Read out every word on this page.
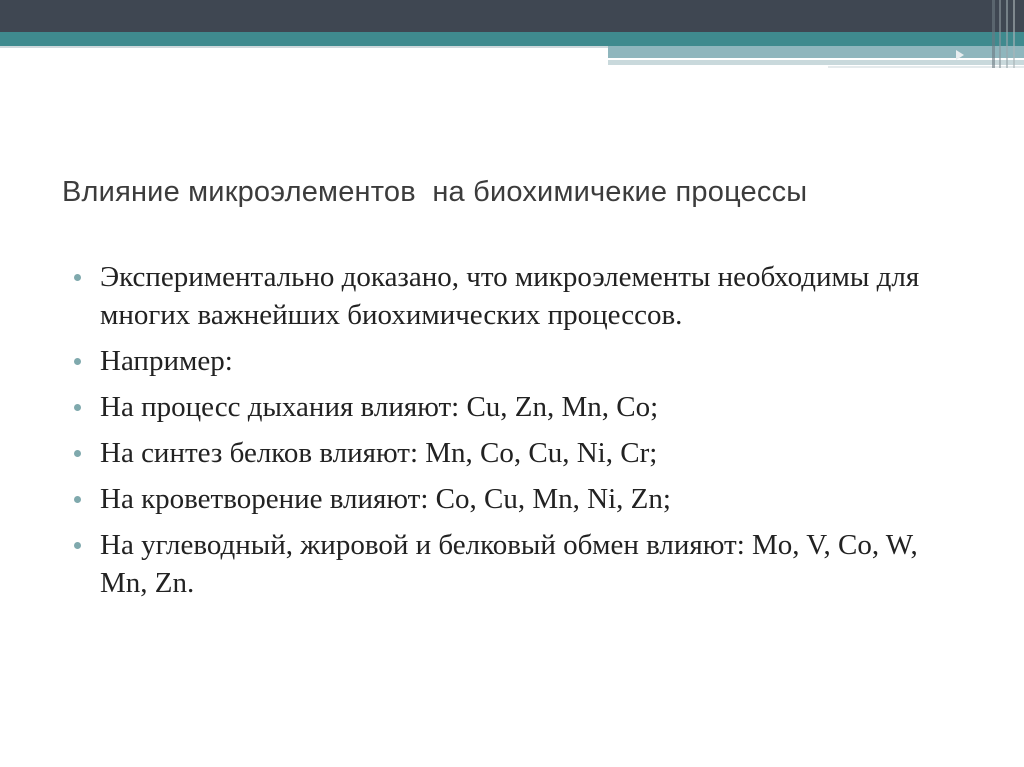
Влияние микроэлементов  на биохимичекие процессы
Экспериментально доказано, что микроэлементы необходимы для многих важнейших биохимических процессов.
Например:
На процесс дыхания влияют: Cu, Zn, Mn, Co;
На синтез белков влияют: Mn, Co, Cu, Ni, Cr;
На кроветворение влияют: Co, Cu, Mn, Ni, Zn;
На углеводный, жировой и белковый обмен влияют: Mo, V, Co, W, Mn, Zn.
